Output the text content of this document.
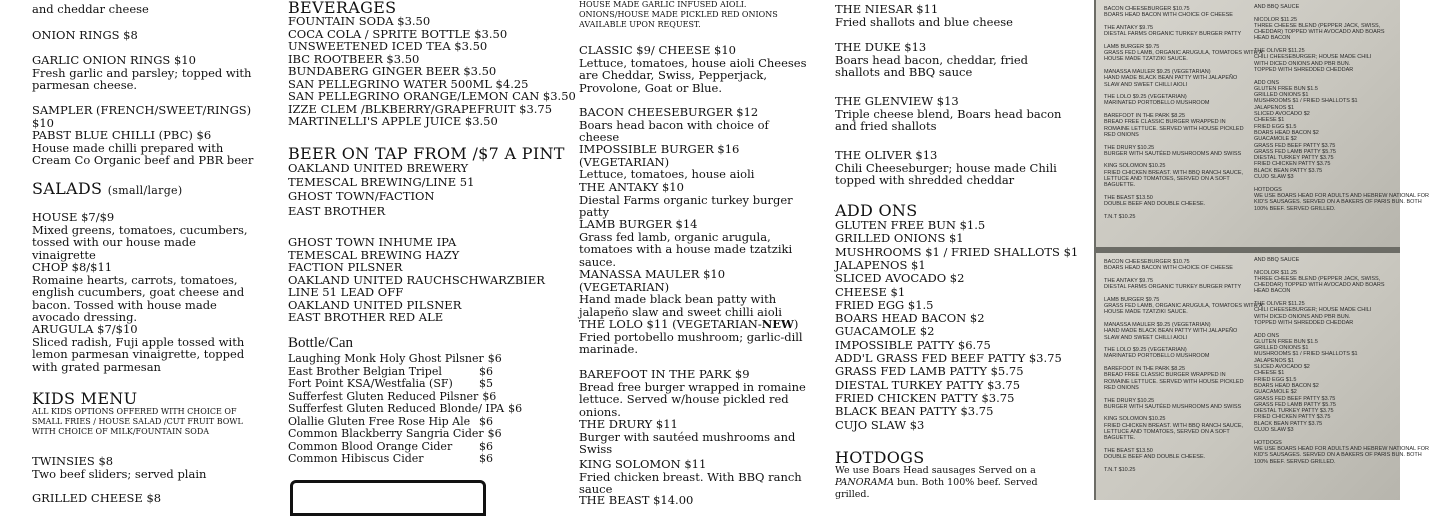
and cheddar cheese
ONION RINGS $8
GARLIC ONION RINGS $10
Fresh garlic and parsley; topped with parmesan cheese.
SAMPLER (FRENCH/SWEET/RINGS) $10
PABST BLUE CHILLI (PBC) $6
House made chilli prepared with Cream Co Organic beef and PBR beer
SALADS (small/large)
HOUSE $7/$9
Mixed greens, tomatoes, cucumbers, tossed with our house made vinaigrette
CHOP $8/$11
Romaine hearts, carrots, tomatoes, english cucumbers, goat cheese and bacon. Tossed with house made avocado dressing.
ARUGULA $7/$10
Sliced radish, Fuji apple tossed with lemon parmesan vinaigrette, topped with grated parmesan
KIDS MENU
ALL KIDS OPTIONS OFFERED WITH CHOICE OF SMALL FRIES / HOUSE SALAD /CUT FRUIT BOWL WITH CHOICE OF MILK/FOUNTAIN SODA
TWINSIES $8
Two beef sliders; served plain
GRILLED CHEESE $8
BEVERAGES
FOUNTAIN SODA $3.50
COCA COLA / SPRITE BOTTLE $3.50
UNSWEETENED ICED TEA $3.50
IBC ROOTBEER $3.50
BUNDABERG GINGER BEER $3.50
SAN PELLEGRINO WATER 500ML $4.25
SAN PELLEGRINO ORANGE/LEMON CAN $3.50
IZZE CLEM /BLKBERRY/GRAPEFRUIT $3.75
MARTINELLI'S APPLE JUICE $3.50
BEER ON TAP FROM /$7 A PINT
OAKLAND UNITED BREWERY
TEMESCAL BREWING/LINE 51
GHOST TOWN/FACTION
EAST BROTHER
GHOST TOWN INHUME IPA
TEMESCAL BREWING HAZY
FACTION PILSNER
OAKLAND UNITED RAUCHSCHWARZBIER
LINE 51 LEAD OFF
OAKLAND UNITED PILSNER
EAST BROTHER RED ALE
Bottle/Can
Laughing Monk Holy Ghost Pilsner $6
East Brother Belgian Tripel	$6
Fort Point KSA/Westfalia (SF) $5
Sufferfest Gluten Reduced Pilsner $6
Sufferfest Gluten Reduced Blonde/ IPA $6
Olallie Gluten Free Rose Hip Ale $6
Common Blackberry Sangria Cider $6
Common Blood Orange Cider $6
Common Hibiscus Cider	$6
HOUSE MADE GARLIC INFUSED AIOLI. ONIONS/HOUSE MADE PICKLED RED ONIONS AVAILABLE UPON REQUEST.
CLASSIC $9/ CHEESE $10
Lettuce, tomatoes, house aioli Cheeses are Cheddar, Swiss, Pepperjack, Provolone, Goat or Blue.
BACON CHEESEBURGER $12
Boars head bacon with choice of cheese
IMPOSSIBLE BURGER $16 (VEGETARIAN)
Lettuce, tomatoes, house aioli
THE ANTAKY $10
Diestal Farms organic turkey burger patty
LAMB BURGER $14
Grass fed lamb, organic arugula, tomatoes with a house made tzatziki sauce.
MANASSA MAULER $10 (VEGETARIAN)
Hand made black bean patty with jalapeño slaw and sweet chilli aioli
THE LOLO $11 (VEGETARIAN-NEW)
Fried portobello mushroom; garlic-dill marinade.
BAREFOOT IN THE PARK $9
Bread free burger wrapped in romaine lettuce. Served w/house pickled red onions.
THE DRURY $11
Burger with sautéed mushrooms and Swiss
KING SOLOMON $11
Fried chicken breast. With BBQ ranch sauce
THE BEAST $14.00
THE NIESAR $11
Fried shallots and blue cheese
THE DUKE $13
Boars head bacon, cheddar, fried shallots and BBQ sauce
THE GLENVIEW $13
Triple cheese blend, Boars head bacon and fried shallots
THE OLIVER $13
Chili Cheeseburger; house made Chili topped with shredded cheddar
ADD ONS
GLUTEN FREE BUN $1.5
GRILLED ONIONS $1
MUSHROOMS $1 / FRIED SHALLOTS $1
JALAPENOS $1
SLICED AVOCADO $2
CHEESE $1
FRIED EGG $1.5
BOARS HEAD BACON $2
GUACAMOLE $2
IMPOSSIBLE PATTY $6.75
ADD'L GRASS FED BEEF PATTY $3.75
GRASS FED LAMB PATTY $5.75
DIESTAL TURKEY PATTY $3.75
FRIED CHICKEN PATTY $3.75
BLACK BEAN PATTY $3.75
CUJO SLAW $3
HOTDOGS
We use Boars Head sausages Served on a PANORAMA bun. Both 100% beef. Served grilled.
BACON CHEESEBURGER $10.75
BOARS HEAD BACON WITH CHOICE OF CHEESE

THE ANTAKY $9.75
DIESTAL FARMS ORGANIC TURKEY BURGER PATTY

LAMB BURGER $9.75
GRASS FED LAMB, ORGANIC ARUGULA, TOMATOES WITH A
HOUSE MADE TZATZIKI SAUCE.

MANASSA MAULER $9.25 (VEGETARIAN)
HAND MADE BLACK BEAN PATTY WITH JALAPEÑO
SLAW AND SWEET CHILLI AIOLI

THE LOLO $9.25 (VEGETARIAN)
MARINATED PORTOBELLO MUSHROOM

BAREFOOT IN THE PARK $8.25
BREAD FREE CLASSIC BURGER WRAPPED IN
ROMAINE LETTUCE. SERVED WITH HOUSE PICKLED
RED ONIONS

THE DRURY $10.25
BURGER WITH SAUTÉED MUSHROOMS AND SWISS

KING SOLOMON $10.25
FRIED CHICKEN BREAST. WITH BBQ RANCH SAUCE,
LETTUCE AND TOMATOES, SERVED ON A SOFT
BAGUETTE.

THE BEAST $13.50
DOUBLE BEEF AND DOUBLE CHEESE.

T.N.T $10.25
AND BBQ SAUCE

NICOLOR $11.25
THREE CHEESE BLEND (PEPPER JACK, SWISS,
CHEDDAR) TOPPED WITH AVOCADO AND BOARS
HEAD BACON

THE OLIVER $11.25
CHILI CHEESEBURGER; HOUSE MADE CHILI
WITH DICED ONIONS AND PBR BUN.
TOPPED WITH SHREDDED CHEDDAR

ADD ONS
GLUTEN FREE BUN $1.5
GRILLED ONIONS $1
MUSHROOMS $1 / FRIED SHALLOTS $1
JALAPENOS $1
SLICED AVOCADO $2
CHEESE $1
FRIED EGG $1.5
BOARS HEAD BACON $2
GUACAMOLE $2
GRASS FED BEEF PATTY $3.75
GRASS FED LAMB PATTY $5.75
DIESTAL TURKEY PATTY $3.75
FRIED CHICKEN PATTY $3.75
BLACK BEAN PATTY $3.75
CUJO SLAW $3

HOTDOGS
WE USE BOARS HEAD FOR ADULTS AND HEBREW NATIONAL FOR
KID'S SAUSAGES. SERVED ON A BAKERS OF PARIS BUN. BOTH
100% BEEF. SERVED GRILLED.
BACON CHEESEBURGER $10.75
BOARS HEAD BACON WITH CHOICE OF CHEESE

THE ANTAKY $9.75
DIESTAL FARMS ORGANIC TURKEY BURGER PATTY

LAMB BURGER $9.75
GRASS FED LAMB, ORGANIC ARUGULA, TOMATOES WITH A
HOUSE MADE TZATZIKI SAUCE.

MANASSA MAULER $9.25 (VEGETARIAN)
HAND MADE BLACK BEAN PATTY WITH JALAPEÑO
SLAW AND SWEET CHILLI AIOLI

THE LOLO $9.25 (VEGETARIAN)
MARINATED PORTOBELLO MUSHROOM

BAREFOOT IN THE PARK $8.25
BREAD FREE CLASSIC BURGER WRAPPED IN
ROMAINE LETTUCE. SERVED WITH HOUSE PICKLED
RED ONIONS

THE DRURY $10.25
BURGER WITH SAUTÉED MUSHROOMS AND SWISS

KING SOLOMON $10.25
FRIED CHICKEN BREAST. WITH BBQ RANCH SAUCE,
LETTUCE AND TOMATOES, SERVED ON A SOFT
BAGUETTE.

THE BEAST $13.50
DOUBLE BEEF AND DOUBLE CHEESE.

T.N.T $10.25
AND BBQ SAUCE

NICOLOR $11.25
THREE CHEESE BLEND (PEPPER JACK, SWISS,
CHEDDAR) TOPPED WITH AVOCADO AND BOARS
HEAD BACON

THE OLIVER $11.25
CHILI CHEESEBURGER; HOUSE MADE CHILI
WITH DICED ONIONS AND PBR BUN.
TOPPED WITH SHREDDED CHEDDAR

ADD ONS
GLUTEN FREE BUN $1.5
GRILLED ONIONS $1
MUSHROOMS $1 / FRIED SHALLOTS $1
JALAPENOS $1
SLICED AVOCADO $2
CHEESE $1
FRIED EGG $1.5
BOARS HEAD BACON $2
GUACAMOLE $2
GRASS FED BEEF PATTY $3.75
GRASS FED LAMB PATTY $5.75
DIESTAL TURKEY PATTY $3.75
FRIED CHICKEN PATTY $3.75
BLACK BEAN PATTY $3.75
CUJO SLAW $3

HOTDOGS
WE USE BOARS HEAD FOR ADULTS AND HEBREW NATIONAL FOR
KID'S SAUSAGES. SERVED ON A BAKERS OF PARIS BUN. BOTH
100% BEEF. SERVED GRILLED.
